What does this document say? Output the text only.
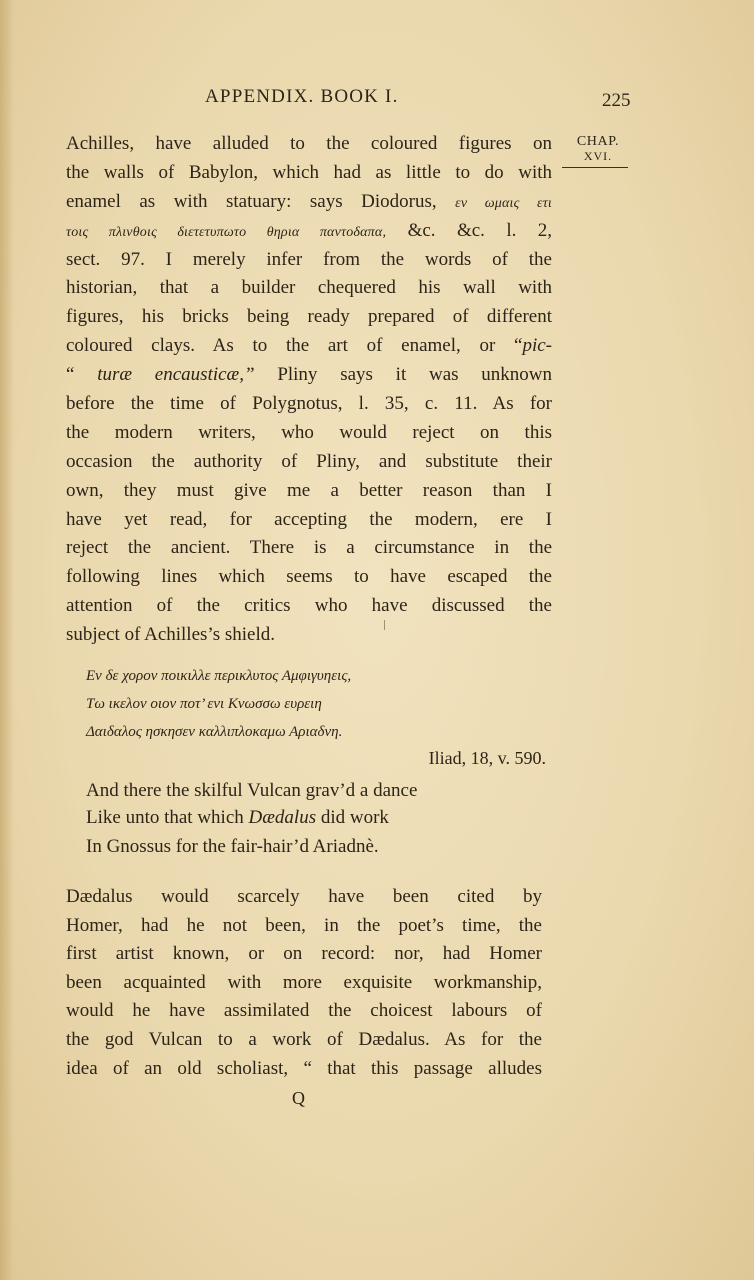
APPENDIX. BOOK I.	225
CHAP.
XVI.
Achilles, have alluded to the coloured figures on
the walls of Babylon, which had as little to do with
enamel as with statuary: says Diodorus, εν ωμαις ετι
τοις πλινθοις διετετυπωτο θηρια παντοδαπα, &c. &c. l. 2,
sect. 97. I merely infer from the words of the
historian, that a builder chequered his wall with
figures, his bricks being ready prepared of different
coloured clays. As to the art of enamel, or “pic-
“ turæ encausticæ,” Pliny says it was unknown
before the time of Polygnotus, l. 35, c. 11. As for
the modern writers, who would reject on this
occasion the authority of Pliny, and substitute their
own, they must give me a better reason than I
have yet read, for accepting the modern, ere I
reject the ancient. There is a circumstance in the
following lines which seems to have escaped the
attention of the critics who have discussed the
subject of Achilles’s shield.
Εν δε χορον ποικιλλε περικλυτος Αμφιγυηεις,
Τω ικελον οιον ποτ’ ενι Κνωσσω ευρειη
Δαιδαλος ησκησεν καλλιπλοκαμω Αριαδνη.
Iliad, 18, v. 590.
And there the skilful Vulcan grav’d a dance
Like unto that which Dædalus did work
In Gnossus for the fair-hair’d Ariadnè.
Dædalus would scarcely have been cited by
Homer, had he not been, in the poet’s time, the
first artist known, or on record: nor, had Homer
been acquainted with more exquisite workmanship,
would he have assimilated the choicest labours of
the god Vulcan to a work of Dædalus. As for the
idea of an old scholiast, “ that this passage alludes
Q
